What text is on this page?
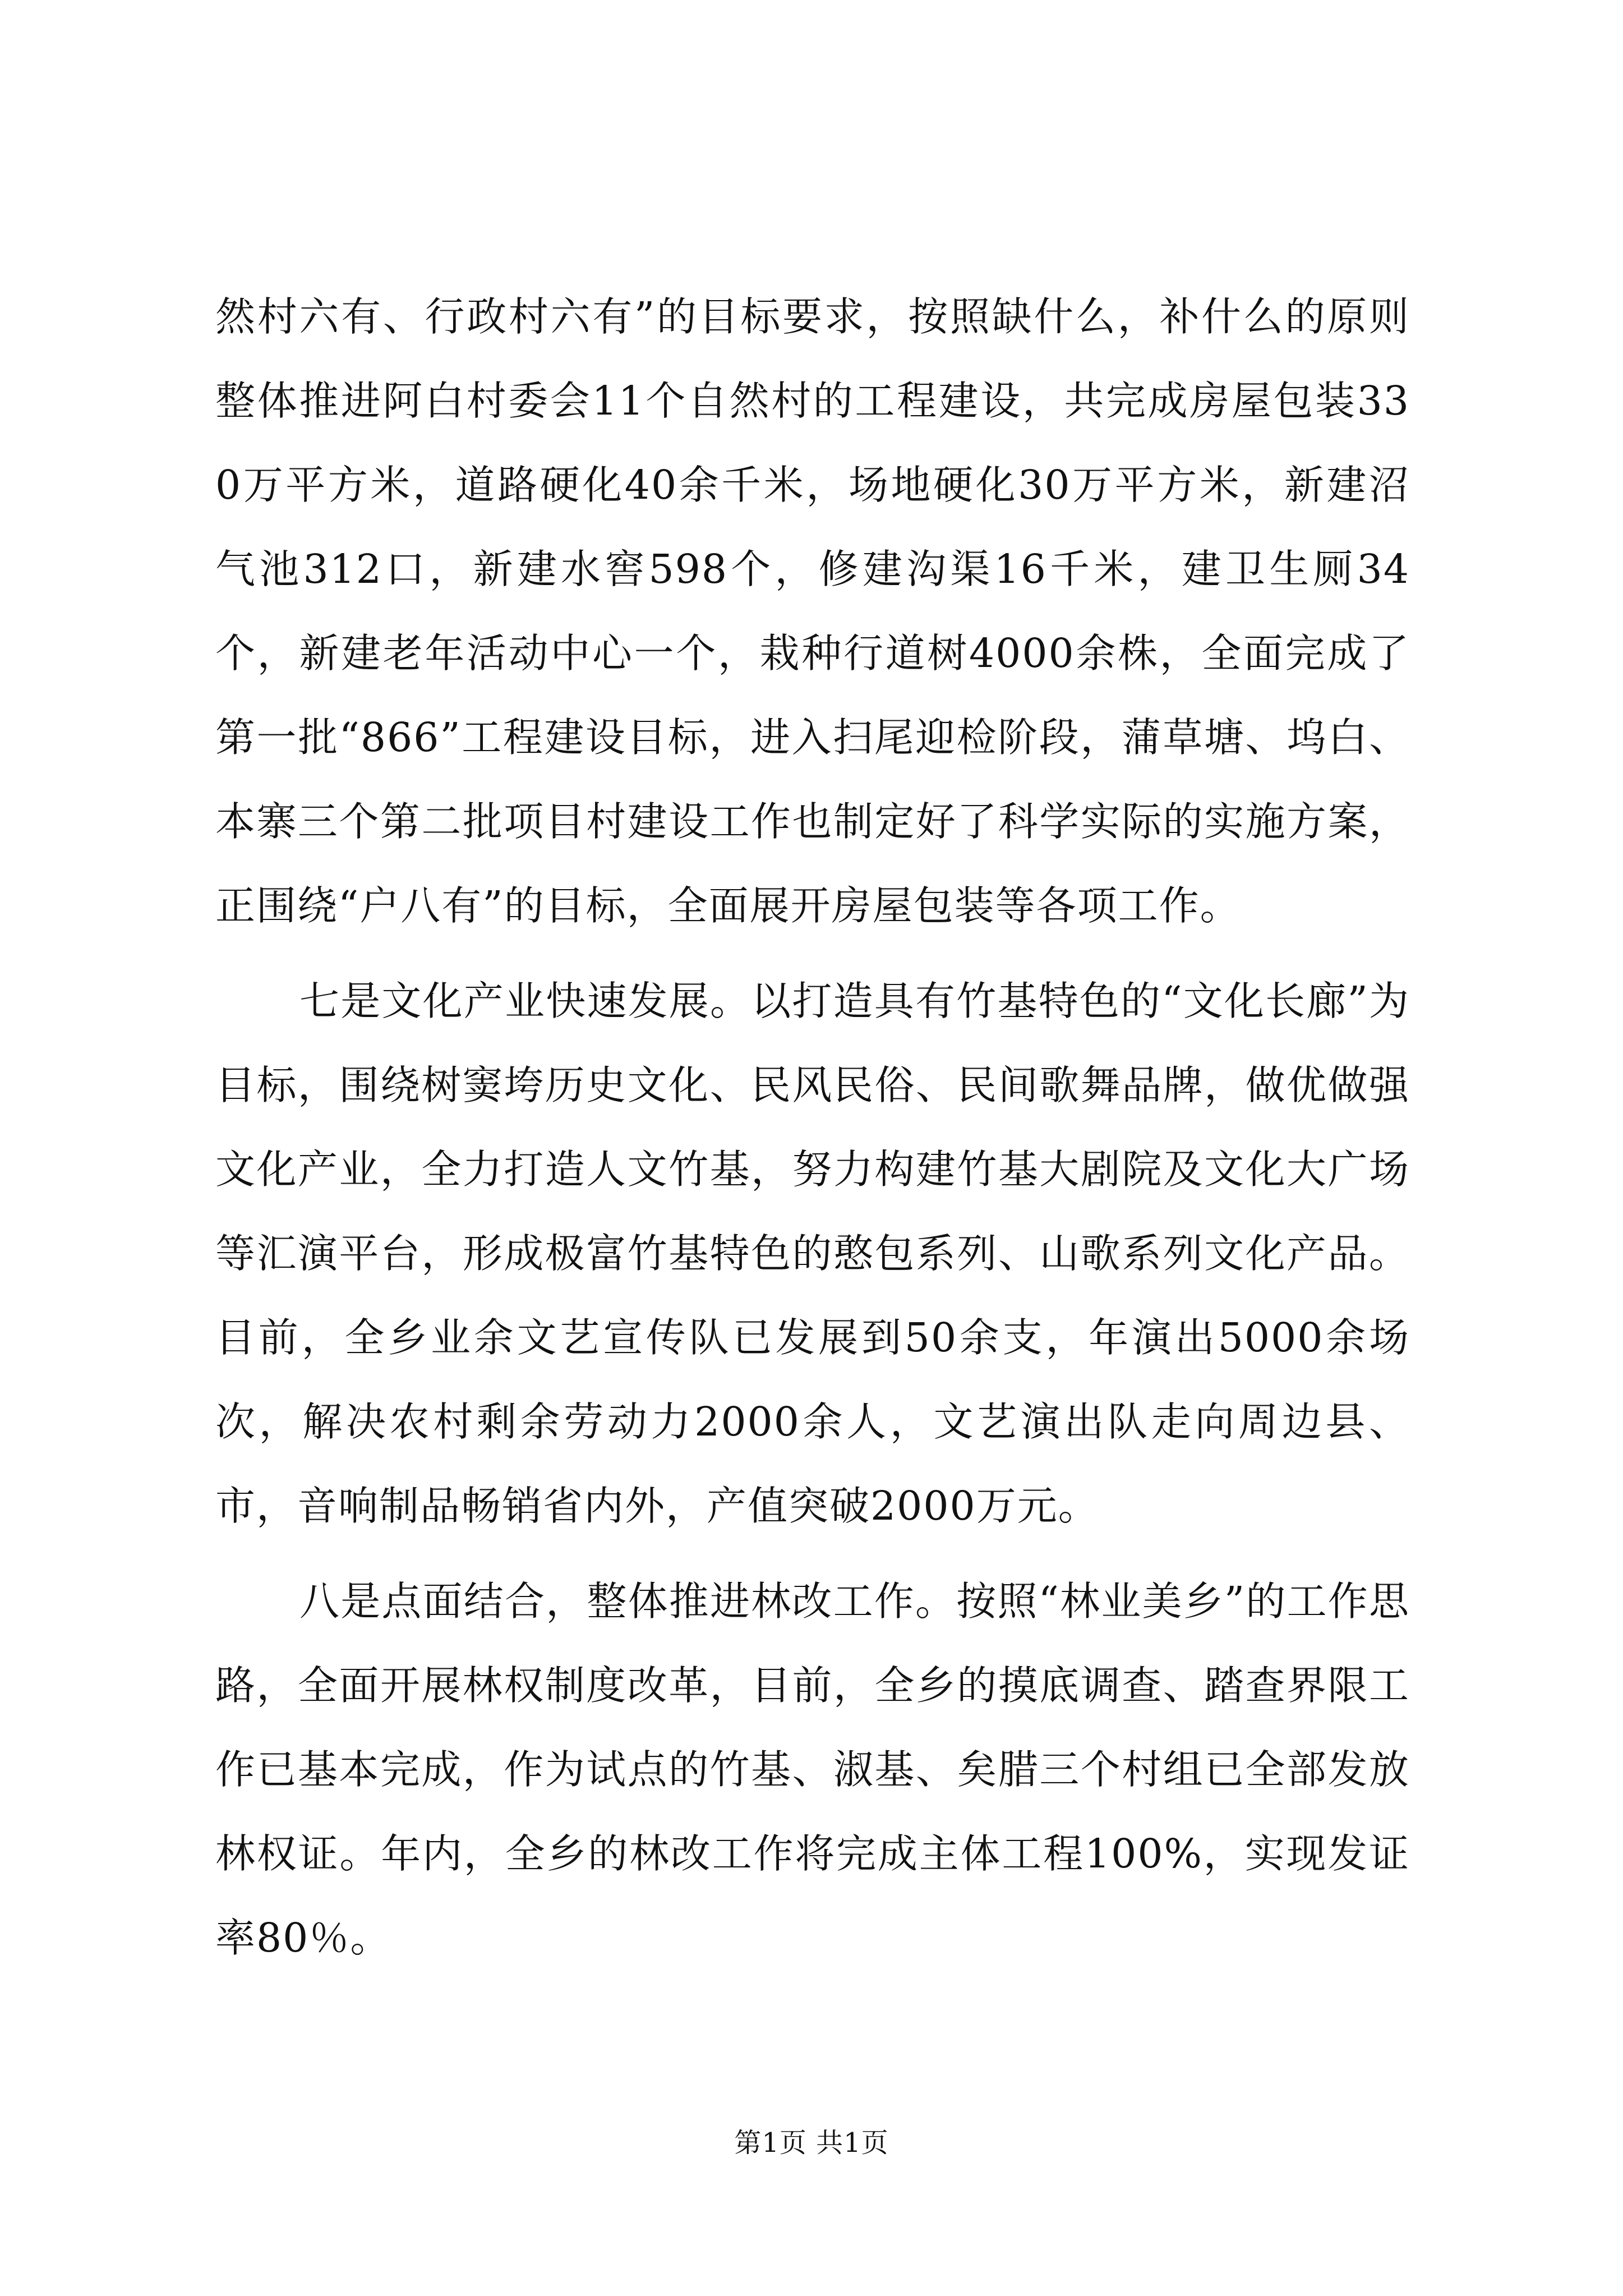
然村六有、行政村六有”的目标要求，按照缺什么，补什么的原则整体推进阿白村委会11个自然村的工程建设，共完成房屋包装330万平方米，道路硬化40余千米，场地硬化30万平方米，新建沼气池312口，新建水窖598个，修建沟渠16千米，建卫生厕34个，新建老年活动中心一个，栽种行道树4000余株，全面完成了第一批“866”工程建设目标，进入扫尾迎检阶段，蒲草塘、坞白、本寨三个第二批项目村建设工作也制定好了科学实际的实施方案，正围绕“户八有”的目标，全面展开房屋包装等各项工作。

七是文化产业快速发展。以打造具有竹基特色的“文化长廊”为目标，围绕树窦垮历史文化、民风民俗、民间歌舞品牌，做优做强文化产业，全力打造人文竹基，努力构建竹基大剧院及文化大广场等汇演平台，形成极富竹基特色的憨包系列、山歌系列文化产品。目前，全乡业余文艺宣传队已发展到50余支，年演出5000余场次，解决农村剩余劳动力2000余人，文艺演出队走向周边县、市，音响制品畅销省内外，产值突破2000万元。

八是点面结合，整体推进林改工作。按照“林业美乡”的工作思路，全面开展林权制度改革，目前，全乡的摸底调查、踏查界限工作已基本完成，作为试点的竹基、淑基、矣腊三个村组已全部发放林权证。年内，全乡的林改工作将完成主体工程100%，实现发证率80％。

第1页 共1页
